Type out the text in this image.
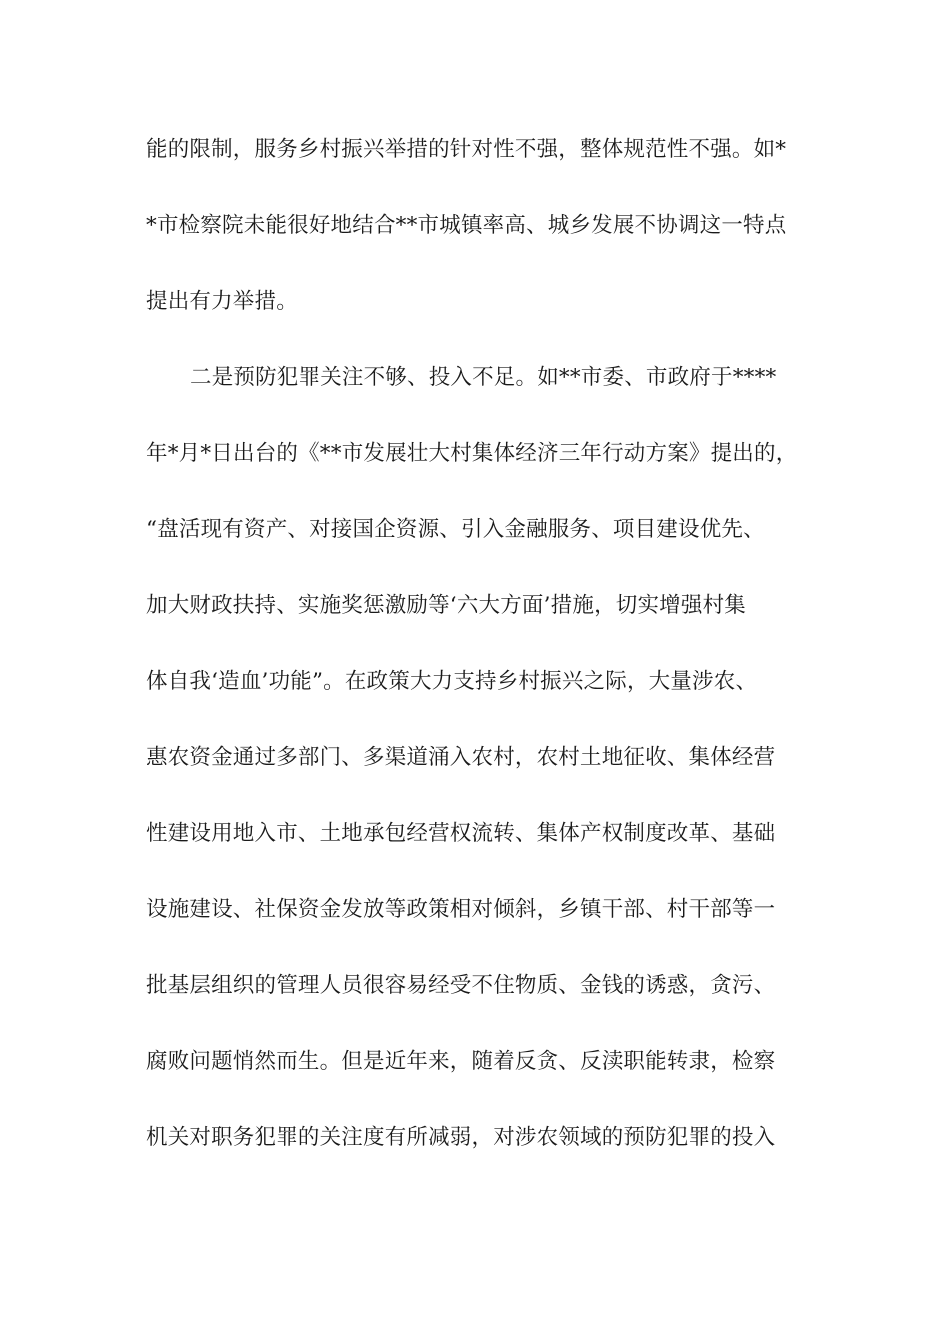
能的限制，服务乡村振兴举措的针对性不强，整体规范性不强。如*
*市检察院未能很好地结合**市城镇率高、城乡发展不协调这一特点
提出有力举措。
二是预防犯罪关注不够、投入不足。如**市委、市政府于****
年*月*日出台的《**市发展壮大村集体经济三年行动方案》提出的，
“盘活现有资产、对接国企资源、引入金融服务、项目建设优先、
加大财政扶持、实施奖惩激励等‘六大方面’措施，切实增强村集
体自我‘造血’功能”。在政策大力支持乡村振兴之际，大量涉农、
惠农资金通过多部门、多渠道涌入农村，农村土地征收、集体经营
性建设用地入市、土地承包经营权流转、集体产权制度改革、基础
设施建设、社保资金发放等政策相对倾斜，乡镇干部、村干部等一
批基层组织的管理人员很容易经受不住物质、金钱的诱惑，贪污、
腐败问题悄然而生。但是近年来，随着反贪、反渎职能转隶，检察
机关对职务犯罪的关注度有所减弱，对涉农领域的预防犯罪的投入
